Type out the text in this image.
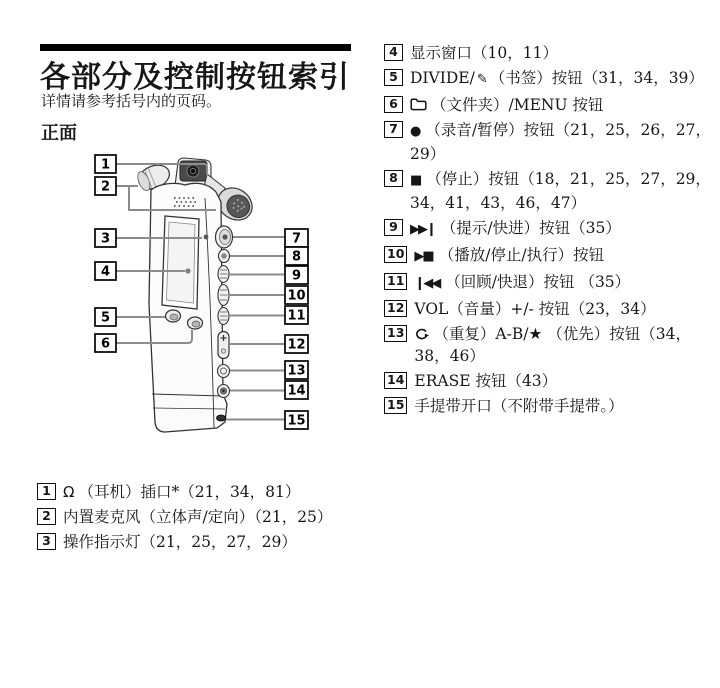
各部分及控制按钮索引
详情请参考括号内的页码。
正面
1
2
3
4
5
6
7
8
9
10
11
12
13
14
15
4 显示窗口（10，11）
5 DIVIDE/ ✎ （书签）按钮（31，34，39）
6	（文件夹）/MENU 按钮
7 ● （录音/暂停）按钮（21，25，26，27，29）
8 ■ （停止）按钮（18，21，25，27，29，34，41，43，46，47）
9 ▶▶❙ （提示/快进）按钮（35）
10 ▶■ （播放/停止/执行）按钮
11 ❙◀◀ （回顾/快退）按钮 （35）
12 VOL（音量）+/- 按钮（23，34）
13	（重复）A-B/★ （优先）按钮（34，38，46）
14 ERASE 按钮（43）
15 手提带开口（不附带手提带。）
1 Ω （耳机）插口*（21，34，81）
2 内置麦克风（立体声/定向）（21，25）
3 操作指示灯（21，25，27，29）
